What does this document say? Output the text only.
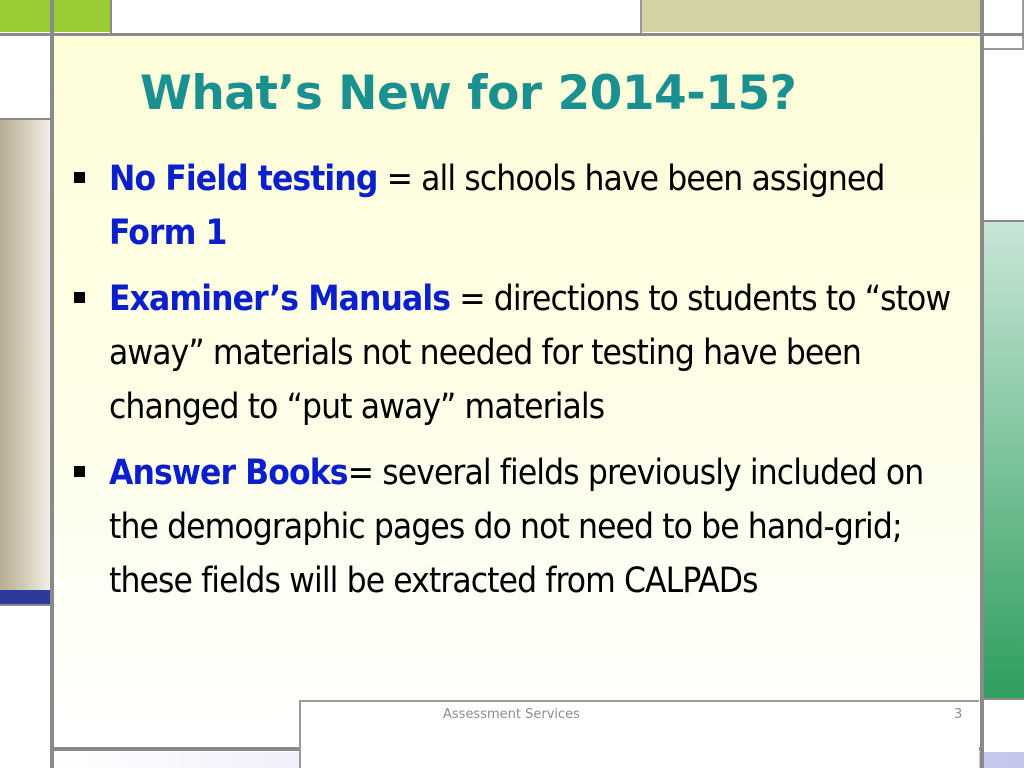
What’s New for 2014-15?
No Field testing = all schools have been assigned Form 1
Examiner’s Manuals = directions to students to “stow away” materials not needed for testing have been changed to “put away” materials
Answer Books= several fields previously included on the demographic pages do not need to be hand-grid; these fields will be extracted from CALPADs
Assessment Services	3
